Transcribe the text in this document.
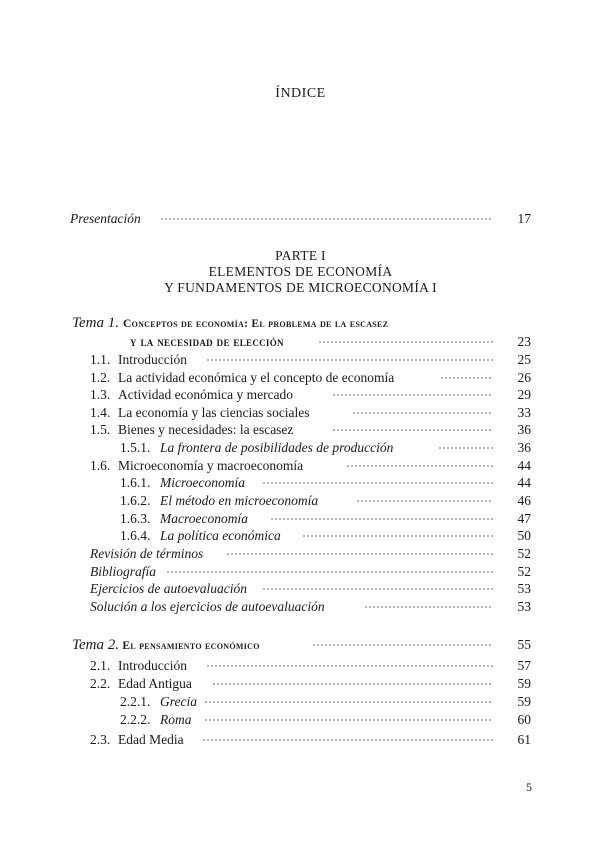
ÍNDICE
Presentación	17
PARTE I
ELEMENTOS DE ECONOMÍA
Y FUNDAMENTOS DE MICROECONOMÍA I
Tema 1. Conceptos de economía: El problema de la escasez
y la necesidad de elección	23
1.1. Introducción	25
1.2. La actividad económica y el concepto de economía	26
1.3. Actividad económica y mercado	29
1.4. La economía y las ciencias sociales	33
1.5. Bienes y necesidades: la escasez	36
1.5.1. La frontera de posibilidades de producción	36
1.6. Microeconomía y macroeconomía	44
1.6.1. Microeconomía	44
1.6.2. El método en microeconomía	46
1.6.3. Macroeconomía	47
1.6.4. La política económica	50
Revisión de términos	52
Bibliografía	52
Ejercicios de autoevaluación	53
Solución a los ejercicios de autoevaluación	53
Tema 2. El pensamiento económico	55
2.1. Introducción	57
2.2. Edad Antigua	59
2.2.1. Grecia	59
2.2.2. Roma	60
2.3. Edad Media	61
5
